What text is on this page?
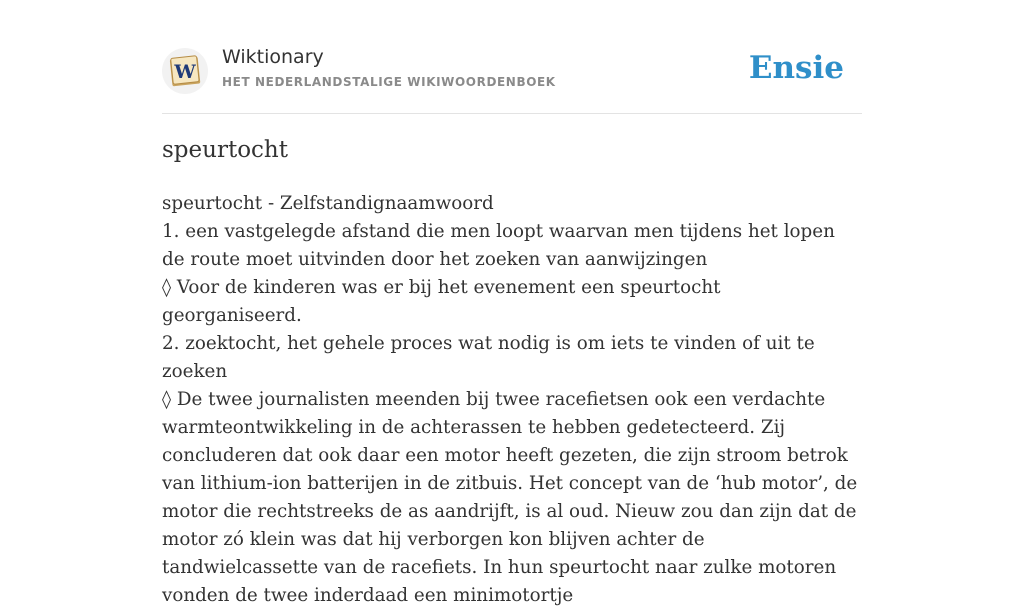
W
Wiktionary
HET NEDERLANDSTALIGE WIKIWOORDENBOEK	Ensie
speurtocht

speurtocht - Zelfstandignaamwoord

1. een vastgelegde afstand die men loopt waarvan men tijdens het lopen de route moet uitvinden door het zoeken van aanwijzingen

◊ Voor de kinderen was er bij het evenement een speurtocht georganiseerd.

2. zoektocht, het gehele proces wat nodig is om iets te vinden of uit te zoeken

◊ De twee journalisten meenden bij twee racefietsen ook een verdachte warmteontwikkeling in de achterassen te hebben gedetecteerd. Zij concluderen dat ook daar een motor heeft gezeten, die zijn stroom betrok van lithium-ion batterijen in de zitbuis. Het concept van de ‘hub motor’, de motor die rechtstreeks de as aandrijft, is al oud. Nieuw zou dan zijn dat de motor zó klein was dat hij verborgen kon blijven achter de tandwielcassette van de racefiets. In hun speurtocht naar zulke motoren vonden de twee inderdaad een minimotortje
